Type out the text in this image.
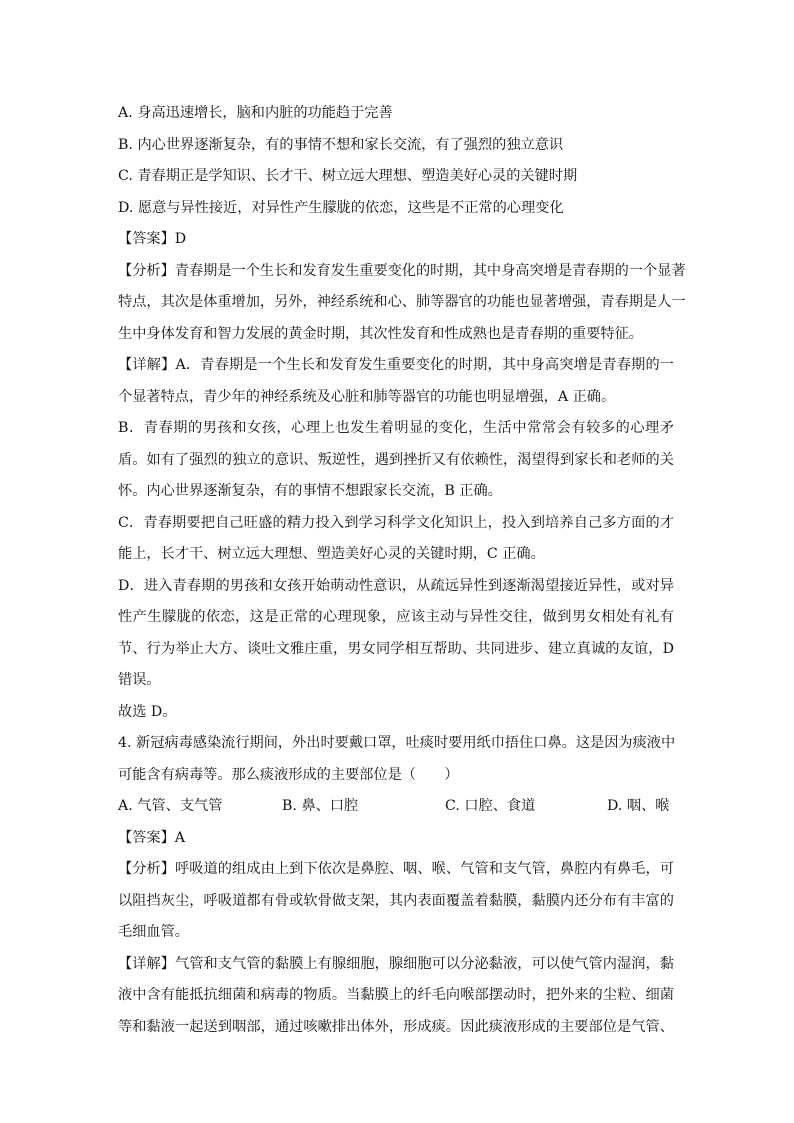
A. 身高迅速增长，脑和内脏的功能趋于完善
B. 内心世界逐渐复杂，有的事情不想和家长交流，有了强烈的独立意识
C. 青春期正是学知识、长才干、树立远大理想、塑造美好心灵的关键时期
D. 愿意与异性接近，对异性产生朦胧的依恋，这些是不正常的心理变化
【答案】D
【分析】青春期是一个生长和发育发生重要变化的时期，其中身高突增是青春期的一个显著
特点，其次是体重增加，另外，神经系统和心、肺等器官的功能也显著增强，青春期是人一
生中身体发育和智力发展的黄金时期，其次性发育和性成熟也是青春期的重要特征。
【详解】A．青春期是一个生长和发育发生重要变化的时期，其中身高突增是青春期的一
个显著特点，青少年的神经系统及心脏和肺等器官的功能也明显增强，A 正确。
B．青春期的男孩和女孩，心理上也发生着明显的变化，生活中常常会有较多的心理矛
盾。如有了强烈的独立的意识、叛逆性，遇到挫折又有依赖性，渴望得到家长和老师的关
怀。内心世界逐渐复杂，有的事情不想跟家长交流，B 正确。
C．青春期要把自己旺盛的精力投入到学习科学文化知识上，投入到培养自己多方面的才
能上，长才干、树立远大理想、塑造美好心灵的关键时期，C 正确。
D．进入青春期的男孩和女孩开始萌动性意识，从疏远异性到逐渐渴望接近异性，或对异
性产生朦胧的依恋，这是正常的心理现象，应该主动与异性交往，做到男女相处有礼有
节、行为举止大方、谈吐文雅庄重，男女同学相互帮助、共同进步、建立真诚的友谊，D
错误。
故选 D。
4. 新冠病毒感染流行期间，外出时要戴口罩，吐痰时要用纸巾捂住口鼻。这是因为痰液中
可能含有病毒等。那么痰液形成的主要部位是（　　）
A. 气管、支气管	B. 鼻、口腔	C. 口腔、食道	D. 咽、喉
【答案】A
【分析】呼吸道的组成由上到下依次是鼻腔、咽、喉、气管和支气管，鼻腔内有鼻毛，可
以阻挡灰尘，呼吸道都有骨或软骨做支架，其内表面覆盖着黏膜，黏膜内还分布有丰富的
毛细血管。
【详解】气管和支气管的黏膜上有腺细胞，腺细胞可以分泌黏液，可以使气管内湿润，黏
液中含有能抵抗细菌和病毒的物质。当黏膜上的纤毛向喉部摆动时，把外来的尘粒、细菌
等和黏液一起送到咽部，通过咳嗽排出体外，形成痰。因此痰液形成的主要部位是气管、
